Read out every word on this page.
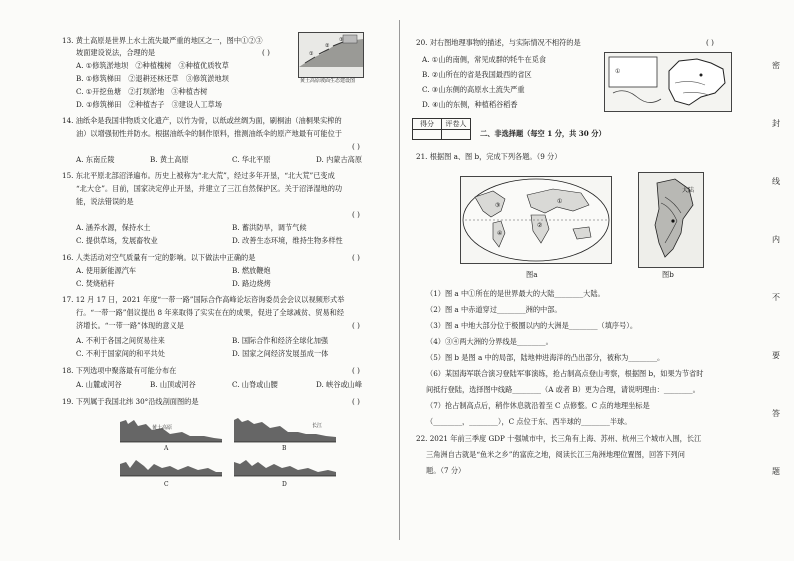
13. 黄土高原是世界上水土流失最严重的地区之一，图中①②③
( )
坡面建设说法，合理的是	①
②
③
黄土高原坡面生态建设图
A. ①修筑淤地坝　②种植槐树　③种植优质牧草
B. ①修筑梯田　②退耕还林还草　③修筑淤地坝
C. ①开挖鱼塘　②打坝淤地　③种植杏树
D. ①修筑梯田　②种植杏子　③建设人工草场
14. 油纸伞是我国非物质文化遗产，以竹为骨，以纸或丝绸为面，刷桐油（油桐果实榨的
油）以增强韧性并防水。根据油纸伞的制作原料，推测油纸伞的原产地最有可能位于
( )
A. 东南丘陵	B. 黄土高原	C. 华北平原	D. 内蒙古高原
15. 东北平原北部沼泽遍布。历史上被称为“北大荒”，经过多年开垦，“北大荒”已变成
“北大仓”。目前，国家决定停止开垦，并建立了三江自然保护区。关于沼泽湿地的功
能，说法错误的是
( )
A. 涵养水源，保持水土	B. 蓄洪防旱，调节气候
C. 提供草场，发展畜牧业	D. 改善生态环境，维持生物多样性
16. 人类活动对空气质量有一定的影响。以下做法中正确的是	( )
A. 使用新能源汽车	B. 燃放鞭炮
C. 焚烧秸秆	D. 路边烧烤
17. 12 月 17 日，2021 年度“一带一路”国际合作高峰论坛咨询委员会会议以视频形式举
行。“一带一路”倡议提出 8 年来取得了实实在在的成果，促进了全球减贫、贸易和经
济增长。“一带一路”体现的意义是	( )
A. 不利于各国之间贸易往来	B. 国际合作和经济全球化加强
C. 不利于国家间的和平共处	D. 国家之间经济发展虽成一体
18. 下列选项中聚落最有可能分布在	( )
A. 山麓或河谷	B. 山顶或河谷	C. 山脊或山腰	D. 峡谷或山峰
19. 下列属于我国北纬 30°沿线剖面图的是	( )
黄土高原
A
长江
B
C	D
20. 对右图地理事物的描述，与实际情况不相符的是	( )
A. ①山的南侧，常见成群的牦牛在觅食
B. ②山所在的省是我国最西的省区
C. ③山东侧的高原水土流失严重
D. ④山的东侧，种植稻谷稻香
①
得分	评卷人

二、非选择题（每空 1 分，共 30 分）
21. 根据图 a、图 b，完成下列各题。（9 分）
①
②
③
④
图a
大陆
图b
（1）图 a 中①所在的是世界最大的大陆________大陆。
（2）图 a 中赤道穿过________洲的中部。
（3）图 a 中地大部分位于极圈以内的大洲是________（填序号）。
（4）③④两大洲的分界线是________。
（5）图 b 是图 a 中的局部，陆地伸进海洋的凸出部分，被称为________。
（6）某国海军联合演习登陆军事演练，抢占制高点登山考察，根据图 b，如果为节省时
间抵行登陆，选择图中线路________（A 或者 B）更为合理，请说明理由：________。
（7）抢占制高点后，稍作休息就沿着至 C 点修整。C 点的地理坐标是
（________，________），C 点位于东、西半球的________半球。
22. 2021 年前三季度 GDP 十强城市中，长三角有上海、苏州、杭州三个城市入围，长江
三角洲自古就是“鱼米之乡”的富庶之地，阅读长江三角洲地理位置图，回答下列问
题。（7 分）
密
封
线
内
不
要
答
题
